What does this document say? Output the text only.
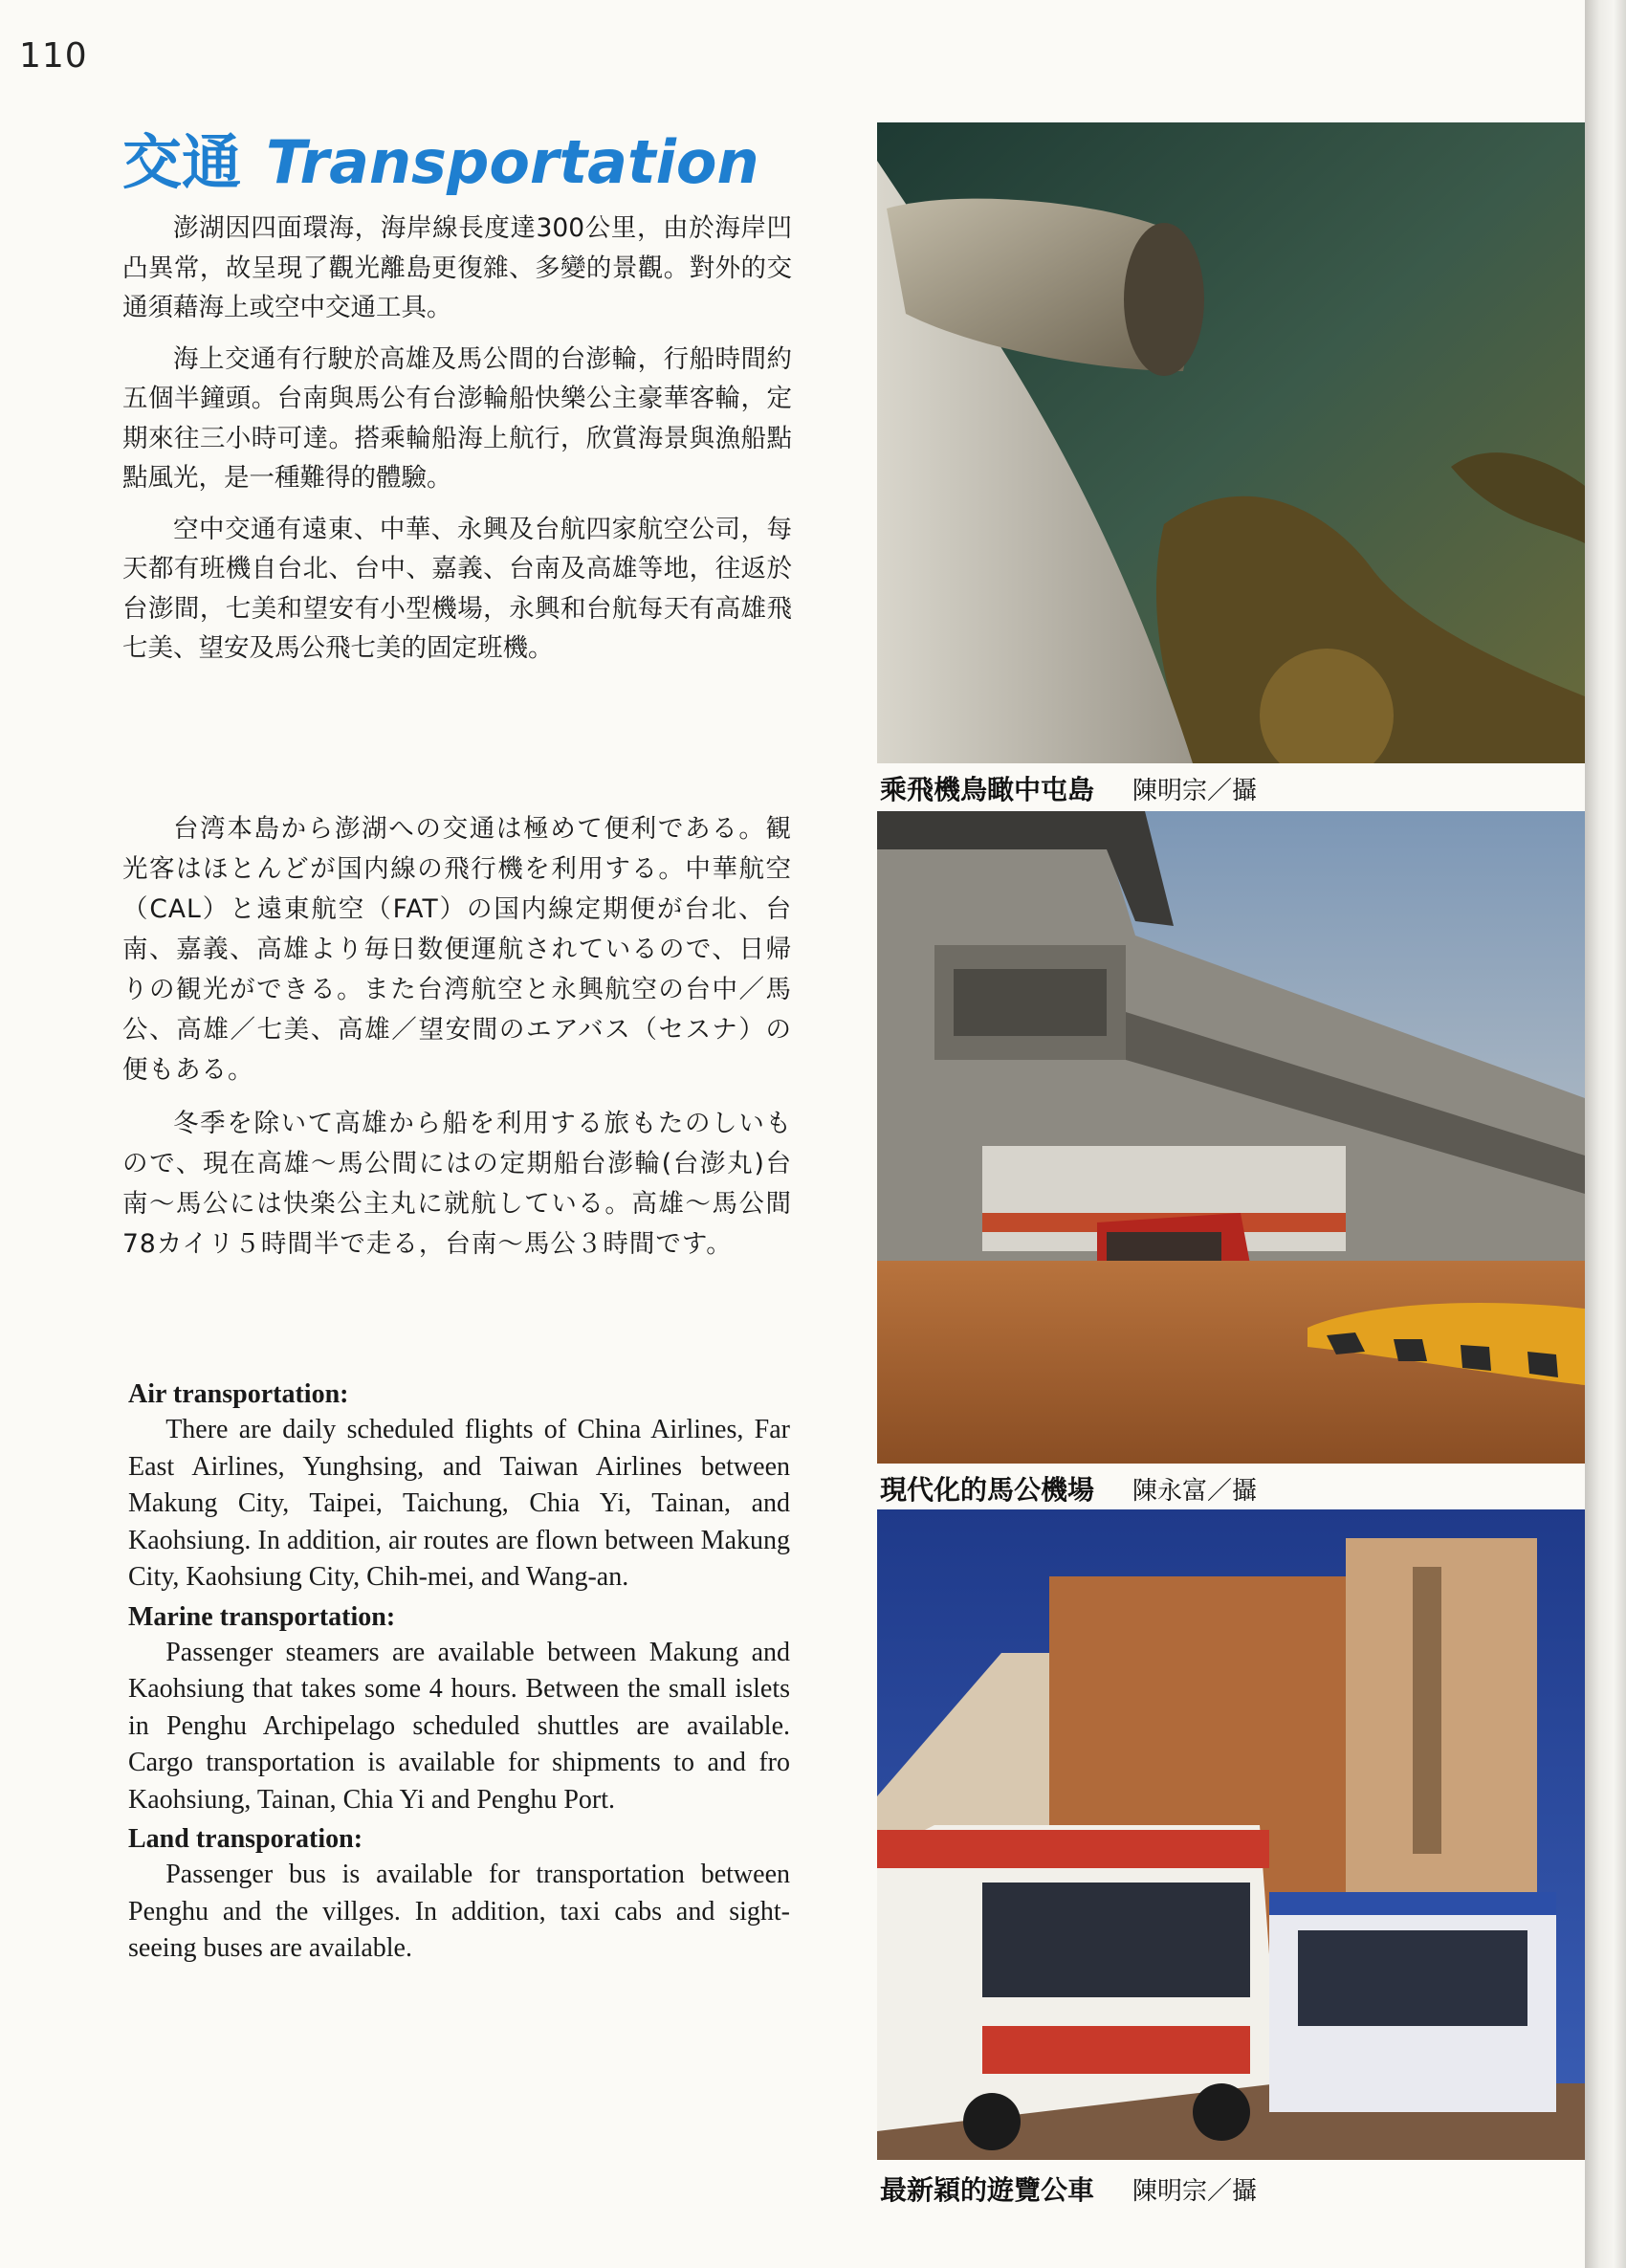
110
交通 Transportation

澎湖因四面環海，海岸線長度達300公里，由於海岸凹凸異常，故呈現了觀光離島更復雜、多變的景觀。對外的交通須藉海上或空中交通工具。

海上交通有行駛於高雄及馬公間的台澎輪，行船時間約五個半鐘頭。台南與馬公有台澎輪船快樂公主豪華客輪，定期來往三小時可達。搭乘輪船海上航行，欣賞海景與漁船點點風光，是一種難得的體驗。

空中交通有遠東、中華、永興及台航四家航空公司，每天都有班機自台北、台中、嘉義、台南及高雄等地，往返於台澎間，七美和望安有小型機場，永興和台航每天有高雄飛七美、望安及馬公飛七美的固定班機。

台湾本島から澎湖への交通は極めて便利である。観光客はほとんどが国内線の飛行機を利用する。中華航空（CAL）と遠東航空（FAT）の国内線定期便が台北、台南、嘉義、高雄より毎日数便運航されているので、日帰りの観光ができる。また台湾航空と永興航空の台中／馬公、高雄／七美、高雄／望安間のエアバス（セスナ）の便もある。

冬季を除いて高雄から船を利用する旅もたのしいもので、現在高雄～馬公間にはの定期船台澎輪(台澎丸)台南～馬公には快楽公主丸に就航している。高雄～馬公間78カイリ５時間半で走る，台南～馬公３時間です。

Air transportation:

There are daily scheduled flights of China Airlines, Far East Airlines, Yunghsing, and Taiwan Airlines between Makung City, Taipei, Taichung, Chia Yi, Tainan, and Kaohsiung. In addition, air routes are flown between Makung City, Kaohsiung City, Chih-mei, and Wang-an.

Marine transportation:

Passenger steamers are available between Makung and Kaohsiung that takes some 4 hours. Between the small islets in Penghu Archipelago scheduled shuttles are available. Cargo transportation is available for shipments to and fro Kaohsiung, Tainan, Chia Yi and Penghu Port.

Land transporation:

Passenger bus is available for transportation between Penghu and the villges. In addition, taxi cabs and sight-seeing buses are available.

乘飛機鳥瞰中屯島 陳明宗／攝
現代化的馬公機場 陳永富／攝
最新穎的遊覽公車 陳明宗／攝
